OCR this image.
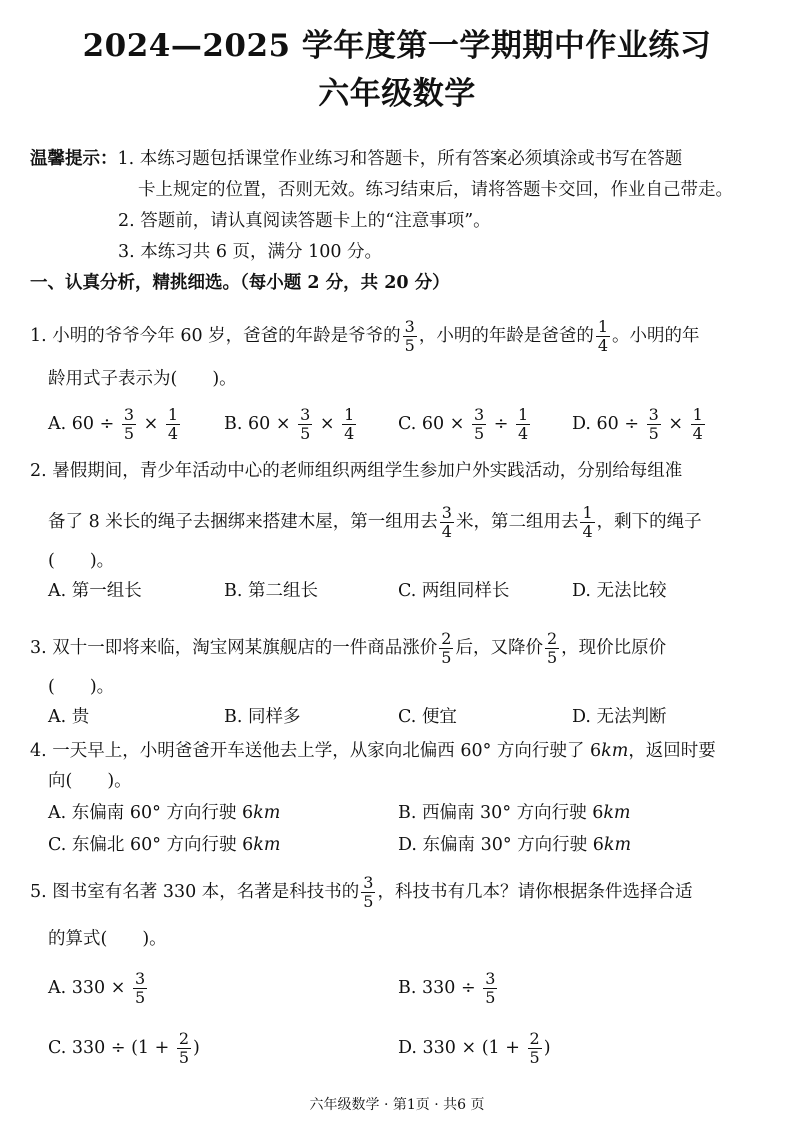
2024—2025 学年度第一学期期中作业练习
六年级数学
温馨提示：1. 本练习题包括课堂作业练习和答题卡，所有答案必须填涂或书写在答题
卡上规定的位置，否则无效。练习结束后，请将答题卡交回，作业自己带走。
2. 答题前，请认真阅读答题卡上的“注意事项”。
3. 本练习共 6 页，满分 100 分。
一、认真分析，精挑细选。（每小题 2 分，共 20 分）
1. 小明的爷爷今年 60 岁，爸爸的年龄是爷爷的 $\frac{3}{5}$ ，小明的年龄是爸爸的 $\frac{1}{4}$ 。小明的年
龄用式子表示为(　　)。
A. $60 \div \frac{3}{5} \times \frac{1}{4}$	B. $60 \times \frac{3}{5} \times \frac{1}{4} C$. $60 \times \frac{3}{5} \div \frac{1}{4} D$. $60 \div \frac{3}{5} \times \frac{1}{4}$
2. 暑假期间，青少年活动中心的老师组织两组学生参加户外实践活动，分别给每组准
备了 8 米长的绳子去捆绑来搭建木屋，第一组用去 $\frac{3}{4}$ 米，第二组用去 $\frac{1}{4}$ ，剩下的绳子
(　　)。
A. 第一组长	B. 第二组长	C. 两组同样长	D. 无法比较
3. 双十一即将来临，淘宝网某旗舰店的一件商品涨价 $\frac{2}{5}$ 后，又降价 $\frac{2}{5}$ ，现价比原价
(　　)。
A. 贵	B. 同样多	C. 便宜	D. 无法判断
4. 一天早上，小明爸爸开车送他去上学，从家向北偏西 60° 方向行驶了 6km，返回时要
向(　　)。
A. 东偏南 60° 方向行驶 6km	B. 西偏南 30° 方向行驶 6km
C. 东偏北 60° 方向行驶 6km	D. 东偏南 30° 方向行驶 6km
5. 图书室有名著 330 本，名著是科技书的 $\frac{3}{5}$ ，科技书有几本？请你根据条件选择合适
的算式(　　)。
A. $330 \times \frac{3}{5}$	B. $330 \div \frac{3}{5}$
C. $330 \div (1 + \frac{2}{5}$ )	D. $330 \times (1 + \frac{2}{5}$ )
六年级数学 · 第1页 · 共6 页
